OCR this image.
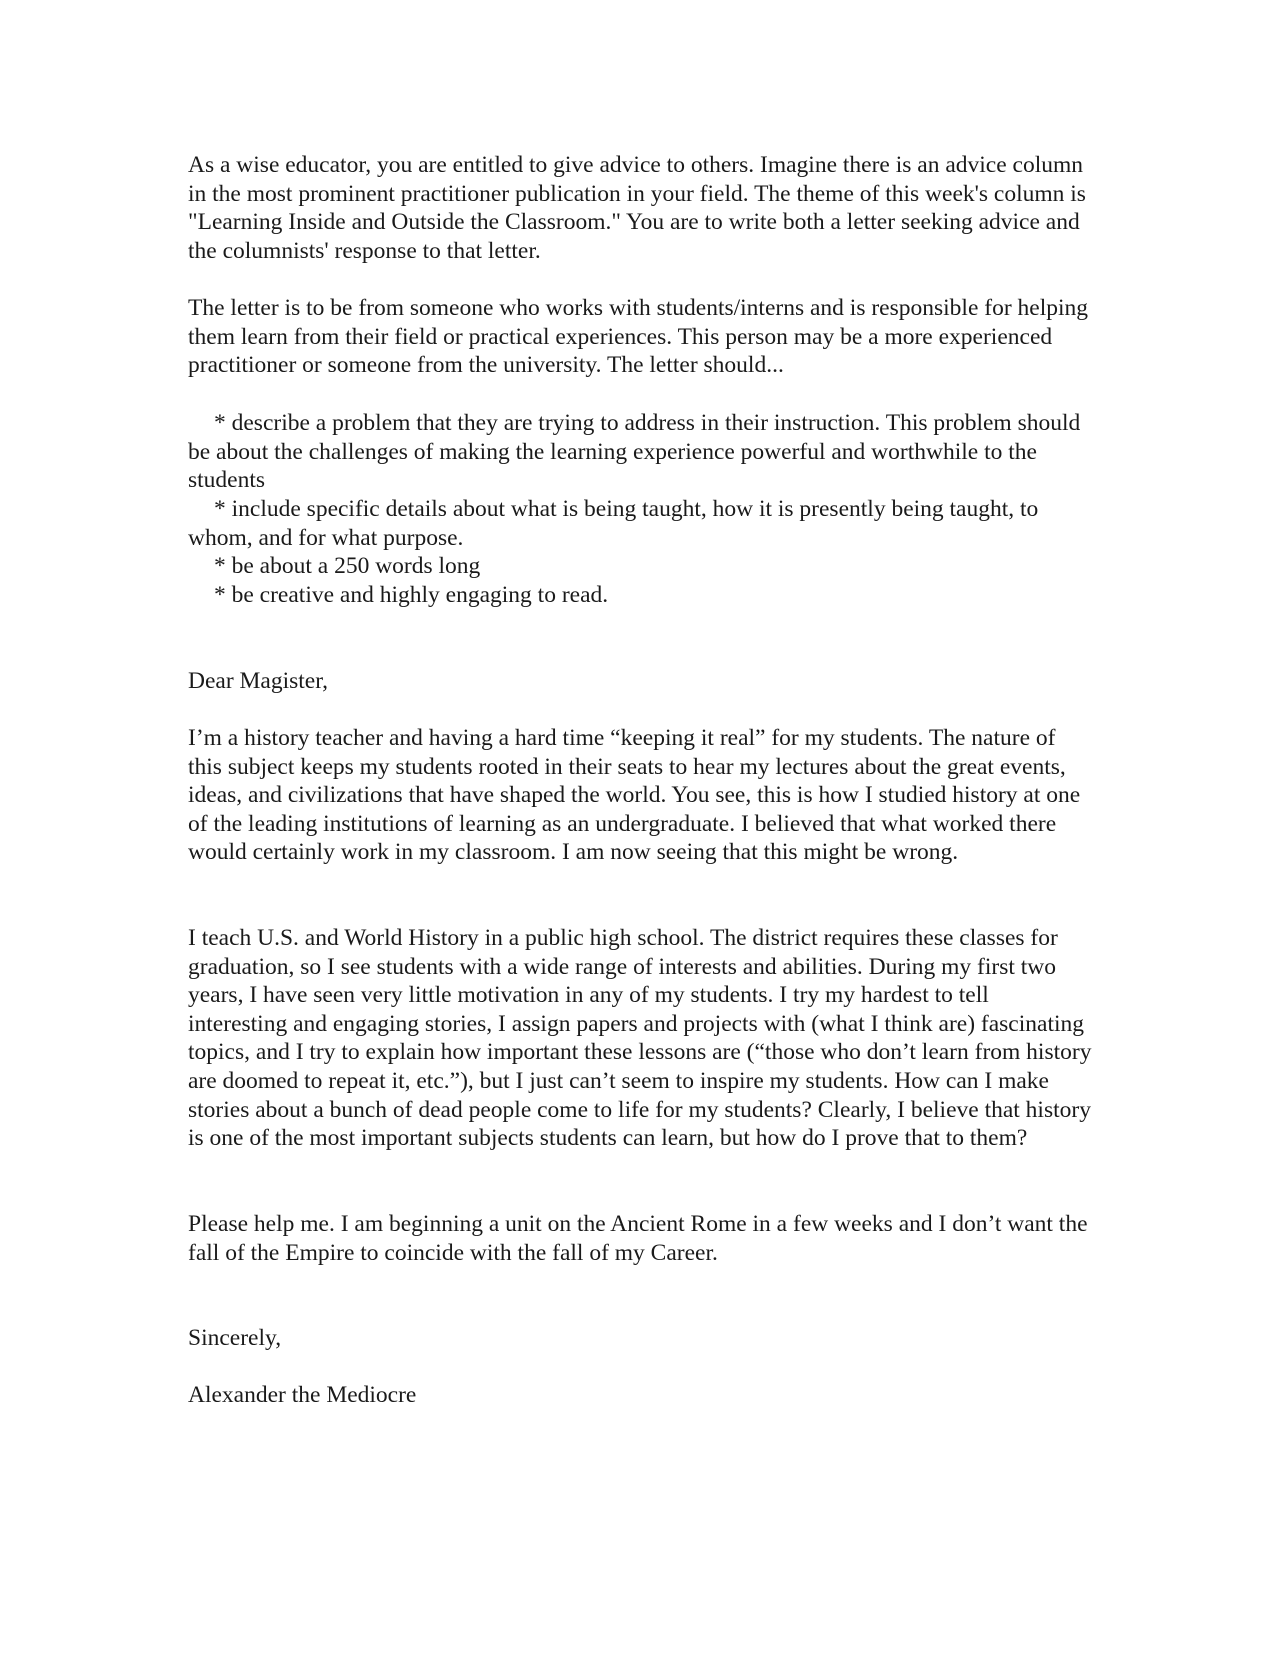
As a wise educator, you are entitled to give advice to others. Imagine there is an advice column in the most prominent practitioner publication in your field. The theme of this week's column is "Learning Inside and Outside the Classroom." You are to write both a letter seeking advice and the columnists' response to that letter.

The letter is to be from someone who works with students/interns and is responsible for helping them learn from their field or practical experiences. This person may be a more experienced practitioner or someone from the university. The letter should...

* describe a problem that they are trying to address in their instruction. This problem should be about the challenges of making the learning experience powerful and worthwhile to the students

* include specific details about what is being taught, how it is presently being taught, to whom, and for what purpose.

* be about a 250 words long

* be creative and highly engaging to read.

Dear Magister,

I’m a history teacher and having a hard time “keeping it real” for my students. The nature of this subject keeps my students rooted in their seats to hear my lectures about the great events, ideas, and civilizations that have shaped the world. You see, this is how I studied history at one of the leading institutions of learning as an undergraduate. I believed that what worked there would certainly work in my classroom. I am now seeing that this might be wrong.

I teach U.S. and World History in a public high school. The district requires these classes for graduation, so I see students with a wide range of interests and abilities. During my first two years, I have seen very little motivation in any of my students. I try my hardest to tell interesting and engaging stories, I assign papers and projects with (what I think are) fascinating topics, and I try to explain how important these lessons are (“those who don’t learn from history are doomed to repeat it, etc.”), but I just can’t seem to inspire my students. How can I make stories about a bunch of dead people come to life for my students? Clearly, I believe that history is one of the most important subjects students can learn, but how do I prove that to them?

Please help me. I am beginning a unit on the Ancient Rome in a few weeks and I don’t want the fall of the Empire to coincide with the fall of my Career.

Sincerely,

Alexander the Mediocre
